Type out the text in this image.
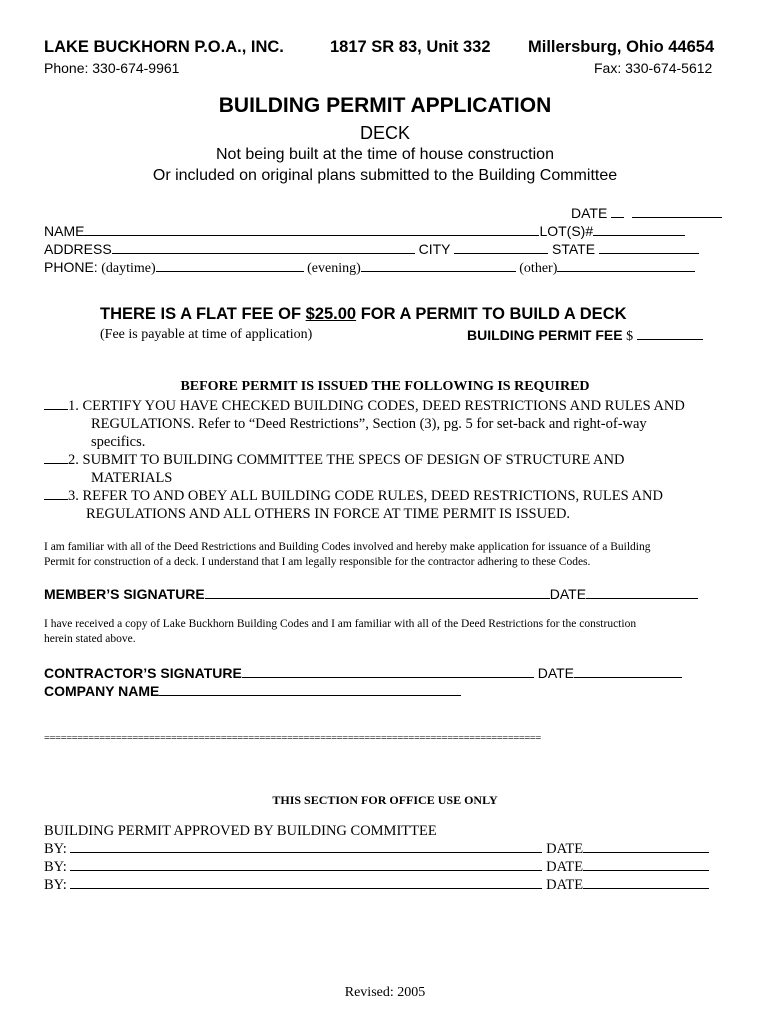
LAKE BUCKHORN P.O.A., INC.	1817 SR 83, Unit 332 Millersburg, Ohio 44654
Phone: 330-674-9961	Fax: 330-674-5612
BUILDING PERMIT APPLICATION
DECK
Not being built at the time of house construction
Or included on original plans submitted to the Building Committee
DATE
NAME	LOT(S)#
ADDRESS	CITY	STATE
PHONE: (daytime)	(evening)	(other)
THERE IS A FLAT FEE OF $25.00 FOR A PERMIT TO BUILD A DECK
(Fee is payable at time of application)	BUILDING PERMIT FEE $
BEFORE PERMIT IS ISSUED THE FOLLOWING IS REQUIRED
1. CERTIFY YOU HAVE CHECKED BUILDING CODES, DEED RESTRICTIONS AND RULES AND
REGULATIONS. Refer to “Deed Restrictions”, Section (3), pg. 5 for set-back and right-of-way
specifics.
2. SUBMIT TO BUILDING COMMITTEE THE SPECS OF DESIGN OF STRUCTURE AND
MATERIALS
3. REFER TO AND OBEY ALL BUILDING CODE RULES, DEED RESTRICTIONS, RULES AND
REGULATIONS AND ALL OTHERS IN FORCE AT TIME PERMIT IS ISSUED.
I am familiar with all of the Deed Restrictions and Building Codes involved and hereby make application for issuance of a Building
Permit for construction of a deck. I understand that I am legally responsible for the contractor adhering to these Codes.
MEMBER’S SIGNATURE	DATE
I have received a copy of Lake Buckhorn Building Codes and I am familiar with all of the Deed Restrictions for the construction
herein stated above.
CONTRACTOR’S SIGNATURE	DATE
COMPANY NAME
==========================================================================================
THIS SECTION FOR OFFICE USE ONLY
BUILDING PERMIT APPROVED BY BUILDING COMMITTEE
BY:	DATE
BY:	DATE
BY:	DATE
Revised: 2005
